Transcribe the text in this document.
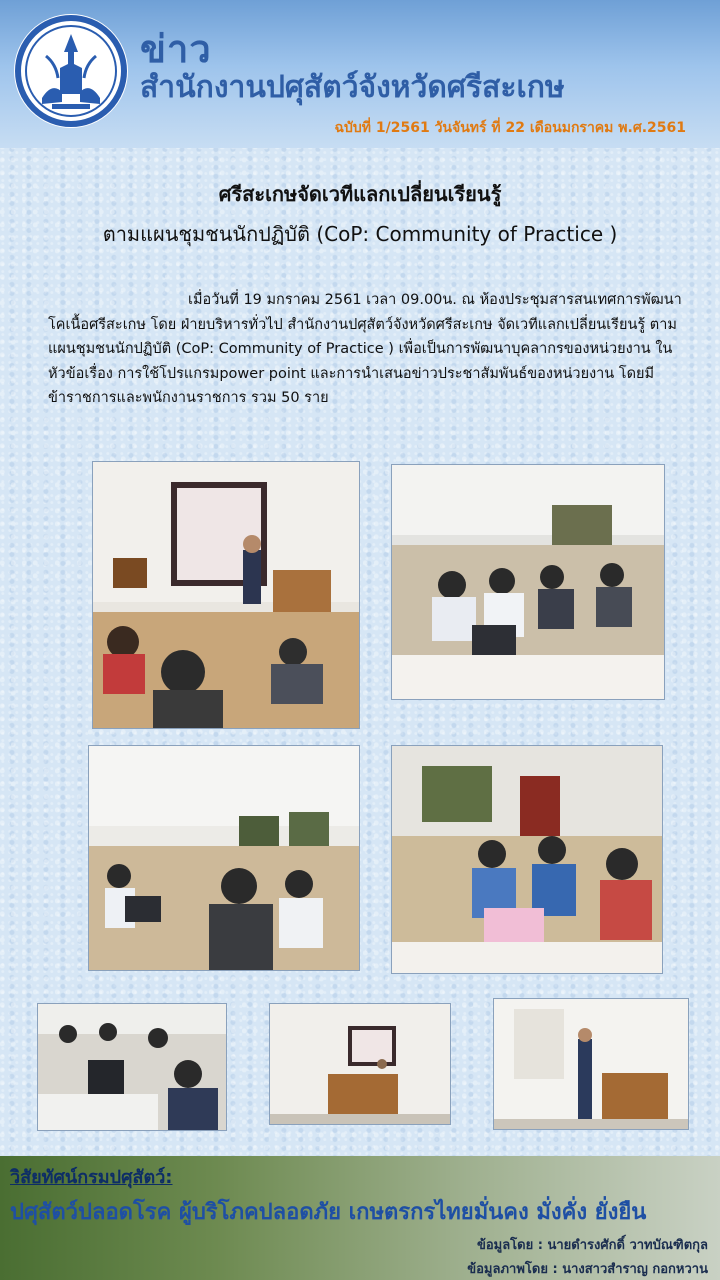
ข่าว
สำนักงานปศุสัตว์จังหวัดศรีสะเกษ
ฉบับที่ 1/2561 วันจันทร์ ที่ 22 เดือนมกราคม พ.ศ.2561
ศรีสะเกษจัดเวทีแลกเปลี่ยนเรียนรู้
ตามแผนชุมชนนักปฏิบัติ (CoP: Community of Practice )
เมื่อวันที่ 19 มกราคม 2561 เวลา 09.00น. ณ ห้องประชุมสารสนเทศการพัฒนาโคเนื้อศรีสะเกษ โดย ฝ่ายบริหารทั่วไป สำนักงานปศุสัตว์จังหวัดศรีสะเกษ จัดเวทีแลกเปลี่ยนเรียนรู้ ตามแผนชุมชนนักปฏิบัติ (CoP: Community of Practice ) เพื่อเป็นการพัฒนาบุคลากรของหน่วยงาน ในหัวข้อเรื่อง การใช้โปรแกรมpower point และการนำเสนอข่าวประชาสัมพันธ์ของหน่วยงาน โดยมีข้าราชการและพนักงานราชการ รวม 50 ราย
วิสัยทัศน์กรมปศุสัตว์:
ปศุสัตว์ปลอดโรค ผู้บริโภคปลอดภัย เกษตรกรไทยมั่นคง มั่งคั่ง ยั่งยืน
ข้อมูลโดย : นายดำรงศักดิ์ วาทบัณฑิตกุล
ข้อมูลภาพโดย : นางสาวสำราญ กอกหวาน
